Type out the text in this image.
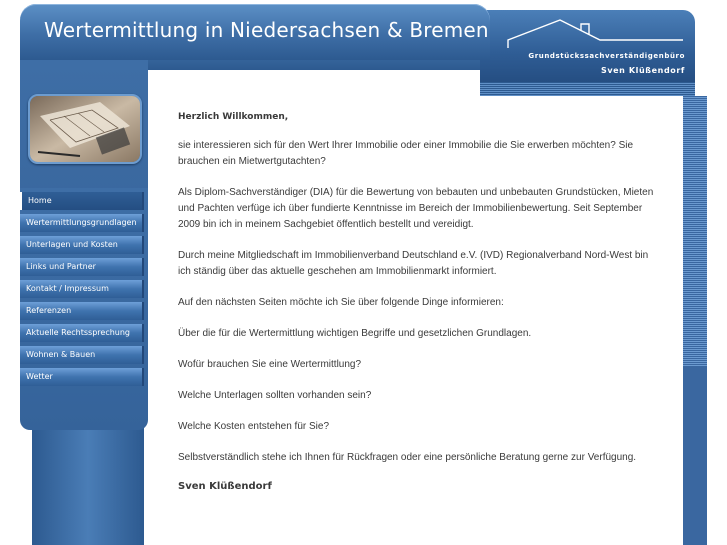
Wertermittlung in Niedersachsen & Bremen
Grundstückssachverständigenbüro
Sven Klüßendorf
Home
Wertermittlungsgrundlagen
Unterlagen und Kosten
Links und Partner
Kontakt / Impressum
Referenzen
Aktuelle Rechtssprechung
Wohnen & Bauen
Wetter
Herzlich Willkommen,

sie interessieren sich für den Wert Ihrer Immobilie oder einer Immobilie die Sie erwerben möchten? Sie brauchen ein Mietwertgutachten?

Als Diplom-Sachverständiger (DIA) für die Bewertung von bebauten und unbebauten Grundstücken, Mieten und Pachten verfüge ich über fundierte Kenntnisse im Bereich der Immobilienbewertung. Seit September 2009 bin ich in meinem Sachgebiet öffentlich bestellt und vereidigt.

Durch meine Mitgliedschaft im Immobilienverband Deutschland e.V. (IVD) Regionalverband Nord-West bin ich ständig über das aktuelle geschehen am Immobilienmarkt informiert.

Auf den nächsten Seiten möchte ich Sie über folgende Dinge informieren:

Über die für die Wertermittlung wichtigen Begriffe und gesetzlichen Grundlagen.

Wofür brauchen Sie eine Wertermittlung?

Welche Unterlagen sollten vorhanden sein?

Welche Kosten entstehen für Sie?

Selbstverständlich stehe ich Ihnen für Rückfragen oder eine persönliche Beratung gerne zur Verfügung.

Sven Klüßendorf
